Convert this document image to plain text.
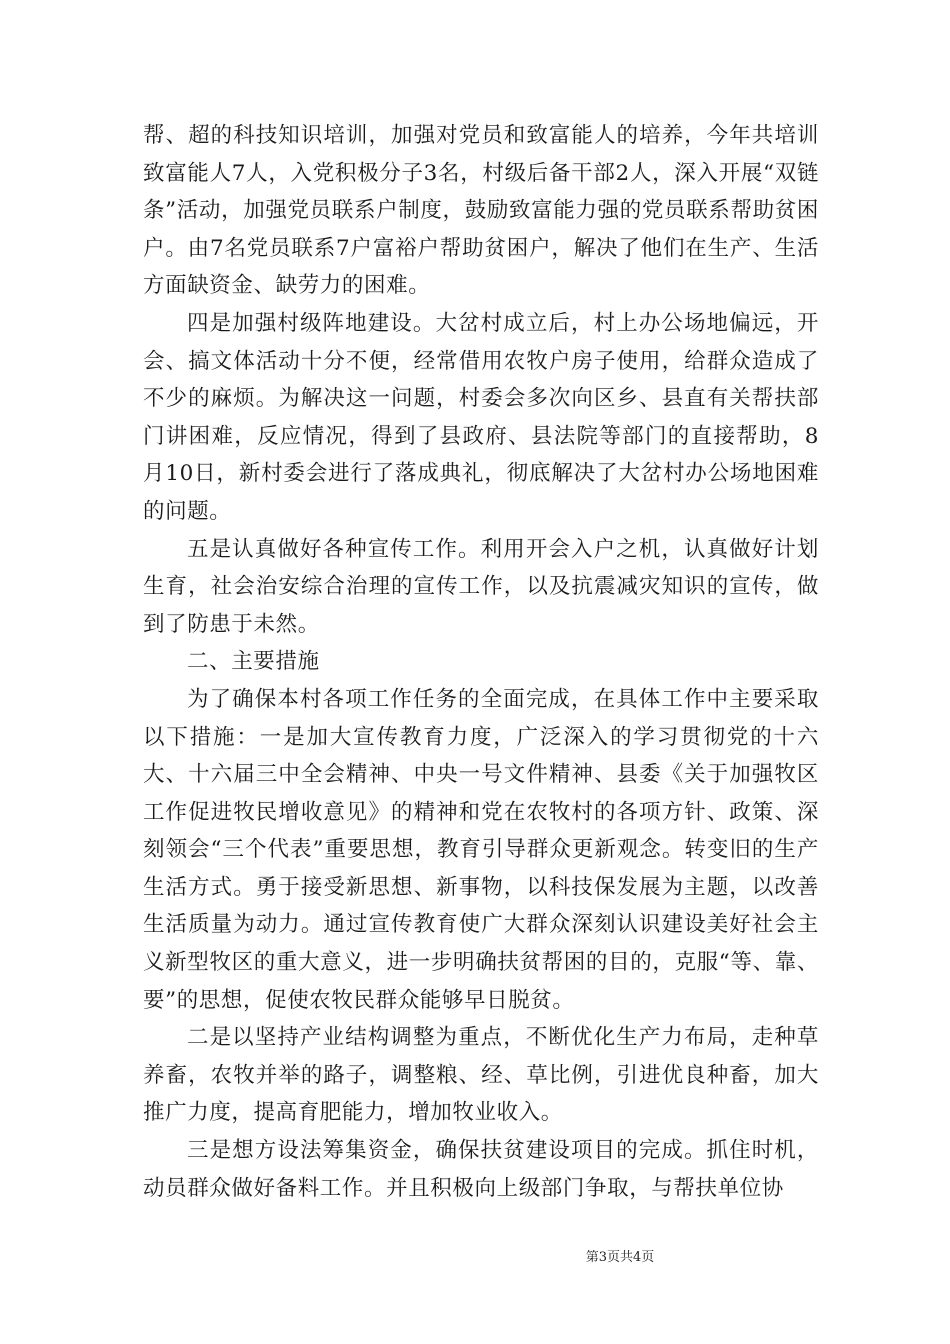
帮、超的科技知识培训，加强对党员和致富能人的培养，今年共培训致富能人7人，入党积极分子3名，村级后备干部2人，深入开展“双链条”活动，加强党员联系户制度，鼓励致富能力强的党员联系帮助贫困户。由7名党员联系7户富裕户帮助贫困户，解决了他们在生产、生活方面缺资金、缺劳力的困难。

四是加强村级阵地建设。大岔村成立后，村上办公场地偏远，开会、搞文体活动十分不便，经常借用农牧户房子使用，给群众造成了不少的麻烦。为解决这一问题，村委会多次向区乡、县直有关帮扶部门讲困难，反应情况，得到了县政府、县法院等部门的直接帮助，8月10日，新村委会进行了落成典礼，彻底解决了大岔村办公场地困难的问题。

五是认真做好各种宣传工作。利用开会入户之机，认真做好计划生育，社会治安综合治理的宣传工作，以及抗震减灾知识的宣传，做到了防患于未然。

二、主要措施

为了确保本村各项工作任务的全面完成，在具体工作中主要采取以下措施：一是加大宣传教育力度，广泛深入的学习贯彻党的十六大、十六届三中全会精神、中央一号文件精神、县委《关于加强牧区工作促进牧民增收意见》的精神和党在农牧村的各项方针、政策、深刻领会“三个代表”重要思想，教育引导群众更新观念。转变旧的生产生活方式。勇于接受新思想、新事物，以科技保发展为主题，以改善生活质量为动力。通过宣传教育使广大群众深刻认识建设美好社会主义新型牧区的重大意义，进一步明确扶贫帮困的目的，克服“等、靠、要”的思想，促使农牧民群众能够早日脱贫。

二是以坚持产业结构调整为重点，不断优化生产力布局，走种草养畜，农牧并举的路子，调整粮、经、草比例，引进优良种畜，加大推广力度，提高育肥能力，增加牧业收入。

三是想方设法筹集资金，确保扶贫建设项目的完成。抓住时机，动员群众做好备料工作。并且积极向上级部门争取，与帮扶单位协

第3页共4页
